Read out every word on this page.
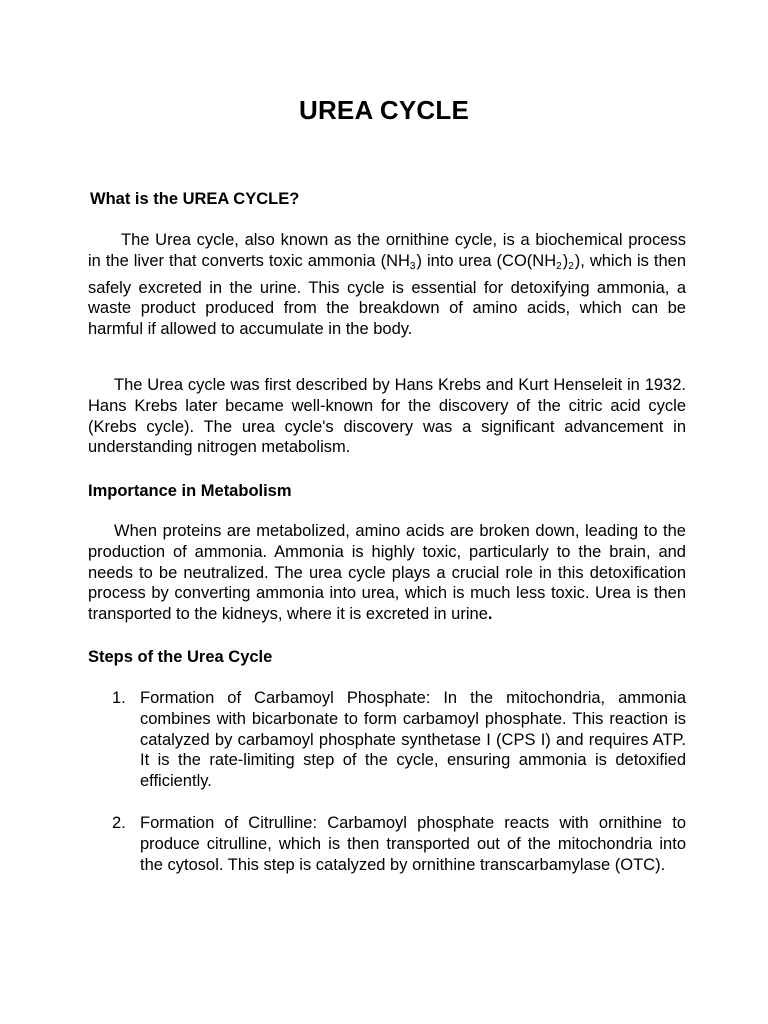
UREA CYCLE
What is the UREA CYCLE?

The Urea cycle, also known as the ornithine cycle, is a biochemical process in the liver that converts toxic ammonia $(NH_3)$ into urea $(CO(NH_2)_2)$, which is then safely excreted in the urine. This cycle is essential for detoxifying ammonia, a waste product produced from the breakdown of amino acids, which can be harmful if allowed to accumulate in the body.

The Urea cycle was first described by Hans Krebs and Kurt Henseleit in 1932. Hans Krebs later became well-known for the discovery of the citric acid cycle (Krebs cycle). The urea cycle's discovery was a significant advancement in understanding nitrogen metabolism.

Importance in Metabolism

When proteins are metabolized, amino acids are broken down, leading to the production of ammonia. Ammonia is highly toxic, particularly to the brain, and needs to be neutralized. The urea cycle plays a crucial role in this detoxification process by converting ammonia into urea, which is much less toxic. Urea is then transported to the kidneys, where it is excreted in urine.

Steps of the Urea Cycle
1. Formation of Carbamoyl Phosphate: In the mitochondria, ammonia combines with bicarbonate to form carbamoyl phosphate. This reaction is catalyzed by carbamoyl phosphate synthetase I (CPS I) and requires ATP. It is the rate-limiting step of the cycle, ensuring ammonia is detoxified efficiently.
2. Formation of Citrulline: Carbamoyl phosphate reacts with ornithine to produce citrulline, which is then transported out of the mitochondria into the cytosol. This step is catalyzed by ornithine transcarbamylase (OTC).
